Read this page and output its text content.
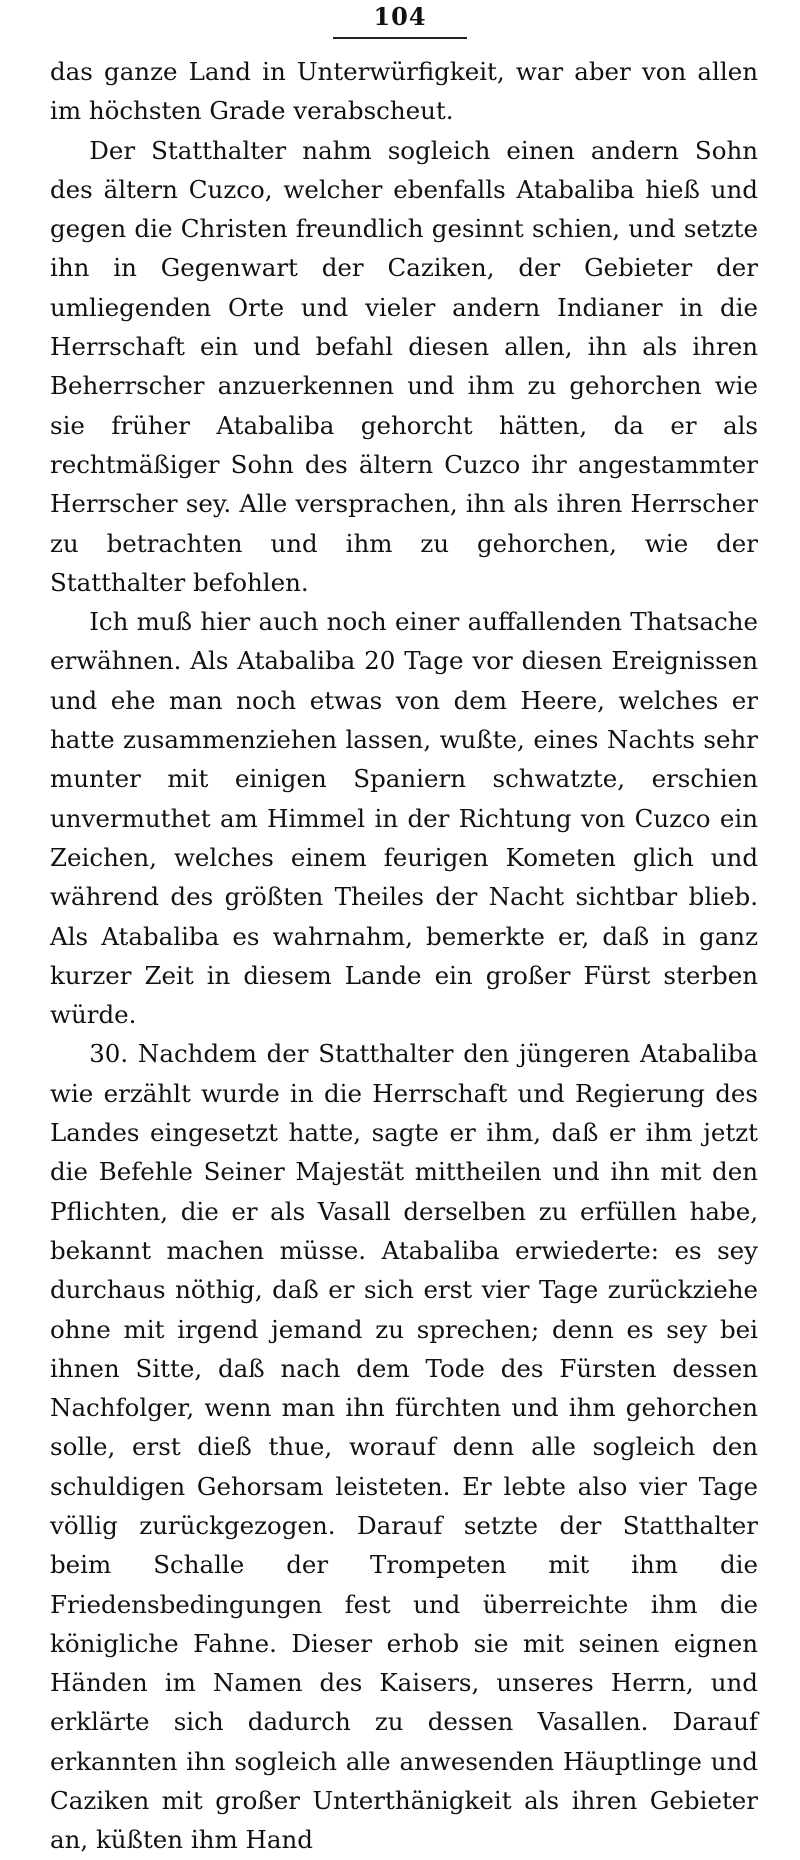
104

das ganze Land in Unterwürfigkeit, war aber von allen im höchsten Grade verabscheut.

Der Statthalter nahm sogleich einen andern Sohn des ältern Cuzco, welcher ebenfalls Atabaliba hieß und gegen die Christen freundlich gesinnt schien, und setzte ihn in Gegenwart der Caziken, der Gebieter der umliegenden Orte und vieler andern Indianer in die Herrschaft ein und befahl diesen allen, ihn als ihren Beherrscher anzuerkennen und ihm zu gehorchen wie sie früher Atabaliba gehorcht hätten, da er als rechtmäßiger Sohn des ältern Cuzco ihr angestammter Herrscher sey. Alle versprachen, ihn als ihren Herrscher zu betrachten und ihm zu gehorchen, wie der Statthalter befohlen.

Ich muß hier auch noch einer auffallenden Thatsache erwähnen. Als Atabaliba 20 Tage vor diesen Ereignissen und ehe man noch etwas von dem Heere, welches er hatte zusammenziehen lassen, wußte, eines Nachts sehr munter mit einigen Spaniern schwatzte, erschien unvermuthet am Himmel in der Richtung von Cuzco ein Zeichen, welches einem feurigen Kometen glich und während des größten Theiles der Nacht sichtbar blieb. Als Atabaliba es wahrnahm, bemerkte er, daß in ganz kurzer Zeit in diesem Lande ein großer Fürst sterben würde.

30. Nachdem der Statthalter den jüngeren Atabaliba wie erzählt wurde in die Herrschaft und Regierung des Landes eingesetzt hatte, sagte er ihm, daß er ihm jetzt die Befehle Seiner Majestät mittheilen und ihn mit den Pflichten, die er als Vasall derselben zu erfüllen habe, bekannt machen müsse. Atabaliba erwiederte: es sey durchaus nöthig, daß er sich erst vier Tage zurückziehe ohne mit irgend jemand zu sprechen; denn es sey bei ihnen Sitte, daß nach dem Tode des Fürsten dessen Nachfolger, wenn man ihn fürchten und ihm gehorchen solle, erst dieß thue, worauf denn alle sogleich den schuldigen Gehorsam leisteten. Er lebte also vier Tage völlig zurückgezogen. Darauf setzte der Statthalter beim Schalle der Trompeten mit ihm die Friedensbedingungen fest und überreichte ihm die königliche Fahne. Dieser erhob sie mit seinen eignen Händen im Namen des Kaisers, unseres Herrn, und erklärte sich dadurch zu dessen Vasallen. Darauf erkannten ihn sogleich alle anwesenden Häuptlinge und Caziken mit großer Unterthänigkeit als ihren Gebieter an, küßten ihm Hand
